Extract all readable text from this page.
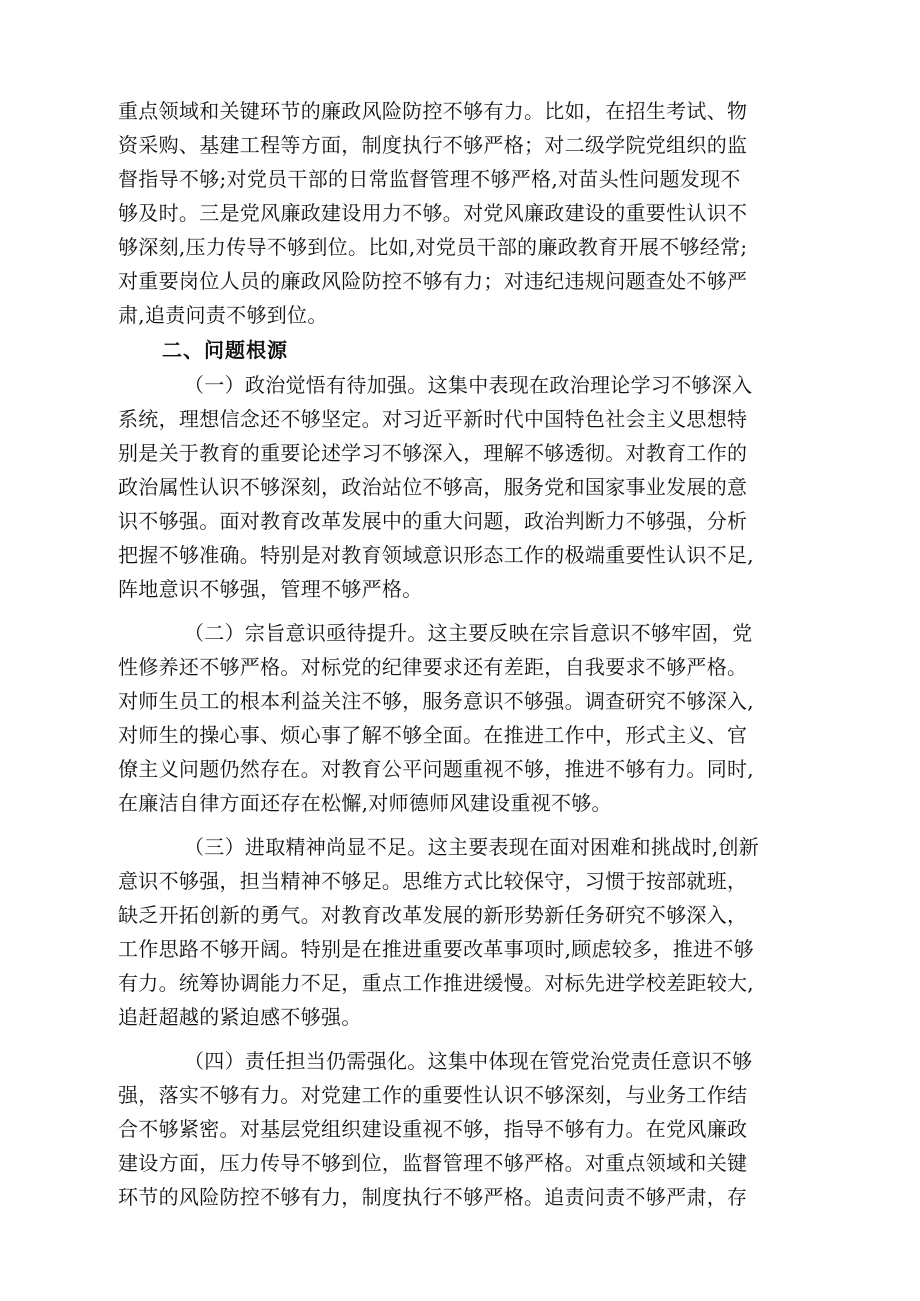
重点领域和关键环节的廉政风险防控不够有力。比如，在招生考试、物
资采购、基建工程等方面，制度执行不够严格；对二级学院党组织的监
督指导不够;对党员干部的日常监督管理不够严格,对苗头性问题发现不
够及时。三是党风廉政建设用力不够。对党风廉政建设的重要性认识不
够深刻,压力传导不够到位。比如,对党员干部的廉政教育开展不够经常;
对重要岗位人员的廉政风险防控不够有力；对违纪违规问题查处不够严
肃,追责问责不够到位。
二、问题根源
（一）政治觉悟有待加强。这集中表现在政治理论学习不够深入
系统，理想信念还不够坚定。对习近平新时代中国特色社会主义思想特
别是关于教育的重要论述学习不够深入，理解不够透彻。对教育工作的
政治属性认识不够深刻，政治站位不够高，服务党和国家事业发展的意
识不够强。面对教育改革发展中的重大问题，政治判断力不够强，分析
把握不够准确。特别是对教育领域意识形态工作的极端重要性认识不足,
阵地意识不够强，管理不够严格。
（二）宗旨意识亟待提升。这主要反映在宗旨意识不够牢固，党
性修养还不够严格。对标党的纪律要求还有差距，自我要求不够严格。
对师生员工的根本利益关注不够，服务意识不够强。调查研究不够深入,
对师生的操心事、烦心事了解不够全面。在推进工作中，形式主义、官
僚主义问题仍然存在。对教育公平问题重视不够，推进不够有力。同时,
在廉洁自律方面还存在松懈,对师德师风建设重视不够。
（三）进取精神尚显不足。这主要表现在面对困难和挑战时,创新
意识不够强，担当精神不够足。思维方式比较保守，习惯于按部就班，
缺乏开拓创新的勇气。对教育改革发展的新形势新任务研究不够深入，
工作思路不够开阔。特别是在推进重要改革事项时,顾虑较多，推进不够
有力。统筹协调能力不足，重点工作推进缓慢。对标先进学校差距较大,
追赶超越的紧迫感不够强。
（四）责任担当仍需强化。这集中体现在管党治党责任意识不够
强，落实不够有力。对党建工作的重要性认识不够深刻，与业务工作结
合不够紧密。对基层党组织建设重视不够，指导不够有力。在党风廉政
建设方面，压力传导不够到位，监督管理不够严格。对重点领域和关键
环节的风险防控不够有力，制度执行不够严格。追责问责不够严肃，存
